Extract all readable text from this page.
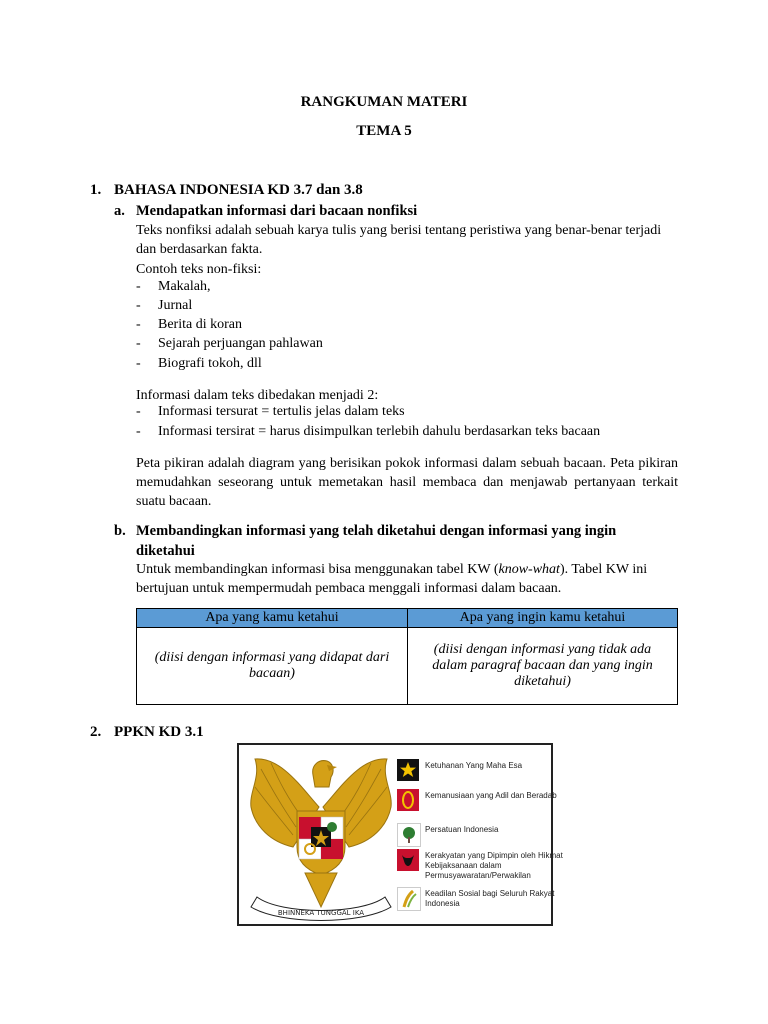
RANGKUMAN MATERI
TEMA 5
1. BAHASA INDONESIA KD 3.7 dan 3.8
a. Mendapatkan informasi dari bacaan nonfiksi
Teks nonfiksi adalah sebuah karya tulis yang berisi tentang peristiwa yang benar-benar terjadi dan berdasarkan fakta.
Contoh teks non-fiksi:
- Makalah,
- Jurnal
- Berita di koran
- Sejarah perjuangan pahlawan
- Biografi tokoh, dll
Informasi dalam teks dibedakan menjadi 2:
- Informasi tersurat = tertulis jelas dalam teks
- Informasi tersirat = harus disimpulkan terlebih dahulu berdasarkan teks bacaan
Peta pikiran adalah diagram yang berisikan pokok informasi dalam sebuah bacaan. Peta pikiran memudahkan seseorang untuk memetakan hasil membaca dan menjawab pertanyaan terkait suatu bacaan.
b. Membandingkan informasi yang telah diketahui dengan informasi yang ingin
diketahui
Untuk membandingkan informasi bisa menggunakan tabel KW (know-what). Tabel KW ini bertujuan untuk mempermudah pembaca menggali informasi dalam bacaan.
Apa yang kamu ketahui	Apa yang ingin kamu ketahui
(diisi dengan informasi yang didapat dari bacaan)	(diisi dengan informasi yang tidak ada dalam paragraf bacaan dan yang ingin diketahui)
2. PPKN KD 3.1
BHINNEKA TUNGGAL IKA
Ketuhanan Yang Maha Esa
Kemanusiaan yang Adil dan Beradab
Persatuan Indonesia
Kerakyatan yang Dipimpin oleh Hikmat Kebijaksanaan dalam Permusyawaratan/Perwakilan
Keadilan Sosial bagi Seluruh Rakyat Indonesia
